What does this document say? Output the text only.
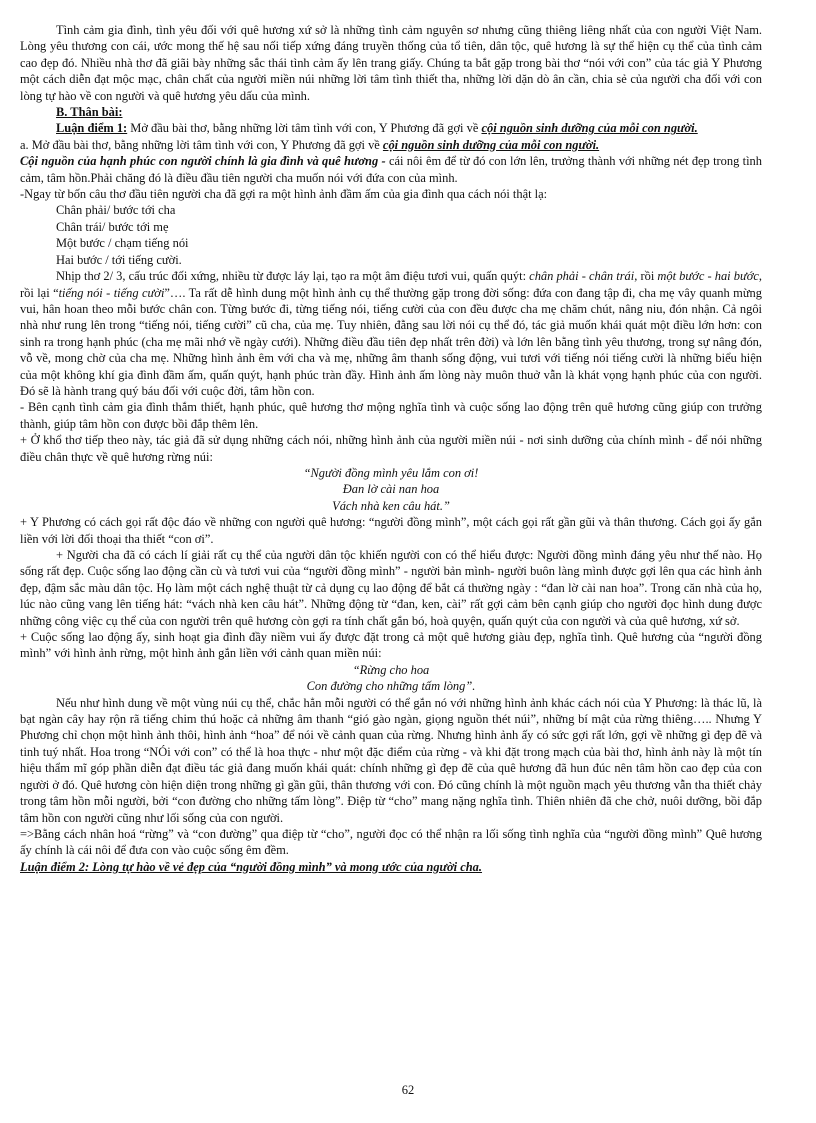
Tình cảm gia đình, tình yêu đối với quê hương xứ sở là những tình cảm nguyên sơ nhưng cũng thiêng liêng nhất của con người Việt Nam. Lòng yêu thương con cái, ước mong thế hệ sau nối tiếp xứng đáng truyền thống của tổ tiên, dân tộc, quê hương là sự thể hiện cụ thể của tình cảm cao đẹp đó. Nhiều nhà thơ đã giãi bày những sắc thái tình cảm ấy lên trang giấy. Chúng ta bắt gặp trong bài thơ “nói với con” của tác giả Y Phương một cách diễn đạt mộc mạc, chân chất của người miền núi những lời tâm tình thiết tha, những lời dặn dò ân cần, chia sẻ của người cha đối với con lòng tự hào về con người và quê hương yêu dấu của mình.

B. Thân bài:

Luận điểm 1: Mở đầu bài thơ, bằng những lời tâm tình với con, Y Phương đã gợi về cội nguồn sinh dưỡng của mỗi con người.

a. Mở đầu bài thơ, bằng những lời tâm tình với con, Y Phương đã gợi về cội nguồn sinh dưỡng của mỗi con người.

Cội nguồn của hạnh phúc con người chính là gia đình và quê hương - cái nôi êm để từ đó con lớn lên, trưởng thành với những nét đẹp trong tình cảm, tâm hồn.Phải chăng đó là điều đầu tiên người cha muốn nói với đứa con của mình.

-Ngay từ bốn câu thơ đầu tiên người cha đã gợi ra một hình ảnh đầm ấm của gia đình qua cách nói thật lạ:

Chân phải/ bước tới cha

Chân trái/ bước tới mẹ

Một bước / chạm tiếng nói

Hai bước / tới tiếng cười.

Nhịp thơ 2/ 3, cấu trúc đối xứng, nhiều từ được láy lại, tạo ra một âm điệu tươi vui, quấn quýt: chân phải - chân trái, rồi một bước - hai bước, rồi lại “tiếng nói - tiếng cười”…. Ta rất dễ hình dung một hình ảnh cụ thể thường gặp trong đời sống: đứa con đang tập đi, cha mẹ vây quanh mừng vui, hân hoan theo mỗi bước chân con. Từng bước đi, từng tiếng nói, tiếng cười của con đều được cha mẹ chăm chút, nâng niu, đón nhận. Cả ngôi nhà như rung lên trong “tiếng nói, tiếng cười” cũ cha, của mẹ. Tuy nhiên, đằng sau lời nói cụ thể đó, tác giả muốn khái quát một điều lớn hơn: con sinh ra trong hạnh phúc (cha mẹ mãi nhớ về ngày cưới). Những điều đầu tiên đẹp nhất trên đời) và lớn lên bằng tình yêu thương, trong sự nâng đón, vỗ về, mong chờ của cha mẹ. Những hình ảnh êm với cha và mẹ, những âm thanh sống động, vui tươi với tiếng nói tiếng cười là những biểu hiện của một không khí gia đình đầm ấm, quấn quýt, hạnh phúc tràn đầy. Hình ảnh ấm lòng này muôn thuở vẫn là khát vọng hạnh phúc của con người. Đó sẽ là hành trang quý báu đối với cuộc đời, tâm hồn con.

- Bên cạnh tình cảm gia đình thắm thiết, hạnh phúc, quê hương thơ mộng nghĩa tình và cuộc sống lao động trên quê hương cũng giúp con trưởng thành, giúp tâm hồn con được bồi đắp thêm lên.

+ Ở khổ thơ tiếp theo này, tác giả đã sử dụng những cách nói, những hình ảnh của người miền núi - nơi sinh dưỡng của chính mình - để nói những điều chân thực về quê hương rừng núi:

“Người đồng mình yêu lắm con ơi!

Đan lờ cài nan hoa

Vách nhà ken câu hát.”

+ Y Phương có cách gọi rất độc đáo về những con người quê hương: “người đồng mình”, một cách gọi rất gần gũi và thân thương. Cách gọi ấy gắn liền với lời đối thoại tha thiết “con ơi”.

+ Người cha đã có cách lí giải rất cụ thể của người dân tộc khiến người con có thể hiểu được: Người đồng mình đáng yêu như thế nào. Họ sống rất đẹp. Cuộc sống lao động cần cù và tươi vui của “người đồng mình” - người bản mình- người buôn làng mình được gợi lên qua các hình ảnh đẹp, đậm sắc màu dân tộc. Họ làm một cách nghệ thuật từ cả dụng cụ lao động để bắt cá thường ngày : “đan lờ cài nan hoa”. Trong căn nhà của họ, lúc nào cũng vang lên tiếng hát: “vách nhà ken câu hát”. Những động từ “đan, ken, cài” rất gợi cảm bên cạnh giúp cho người đọc hình dung được những công việc cụ thể của con người trên quê hương còn gợi ra tính chất gắn bó, hoà quyện, quấn quýt của con người và của quê hương, xứ sở.

+ Cuộc sống lao động ấy, sinh hoạt gia đình đầy niềm vui ấy được đặt trong cả một quê hương giàu đẹp, nghĩa tình. Quê hương của “người đồng mình” với hình ảnh rừng, một hình ảnh gắn liền với cảnh quan miền núi:

“Rừng cho hoa

Con đường cho những tấm lòng”.

Nếu như hình dung về một vùng núi cụ thể, chắc hẳn mỗi người có thể gắn nó với những hình ảnh khác cách nói của Y Phương: là thác lũ, là bạt ngàn cây hay rộn rã tiếng chim thú hoặc cả những âm thanh “gió gào ngàn, giọng nguồn thét núi”, những bí mật của rừng thiêng….. Nhưng Y Phương chỉ chọn một hình ảnh thôi, hình ảnh “hoa” để nói về cảnh quan của rừng. Nhưng hình ảnh ấy có sức gợi rất lớn, gợi về những gì đẹp đẽ và tinh tuý nhất. Hoa trong “NÓi với con” có thể là hoa thực - như một đặc điểm của rừng - và khi đặt trong mạch của bài thơ, hình ảnh này là một tín hiệu thẩm mĩ góp phần diễn đạt điều tác giả đang muốn khái quát: chính những gì đẹp đẽ của quê hương đã hun đúc nên tâm hồn cao đẹp của con người ở đó. Quê hương còn hiện diện trong những gì gần gũi, thân thương với con. Đó cũng chính là một nguồn mạch yêu thương vẫn tha thiết chảy trong tâm hồn mỗi người, bởi “con đường cho những tấm lòng”. Điệp từ “cho” mang nặng nghĩa tình. Thiên nhiên đã che chở, nuôi dưỡng, bồi đắp tâm hồn con người cũng như lối sống của con người.

=>Bằng cách nhân hoá “rừng” và “con đường” qua điệp từ “cho”, người đọc có thể nhận ra lối sống tình nghĩa của “người đồng mình” Quê hương ấy chính là cái nôi để đưa con vào cuộc sống êm đềm.

Luận điểm 2: Lòng tự hào về vẻ đẹp của “người đồng mình” và mong ước của người cha.

62
